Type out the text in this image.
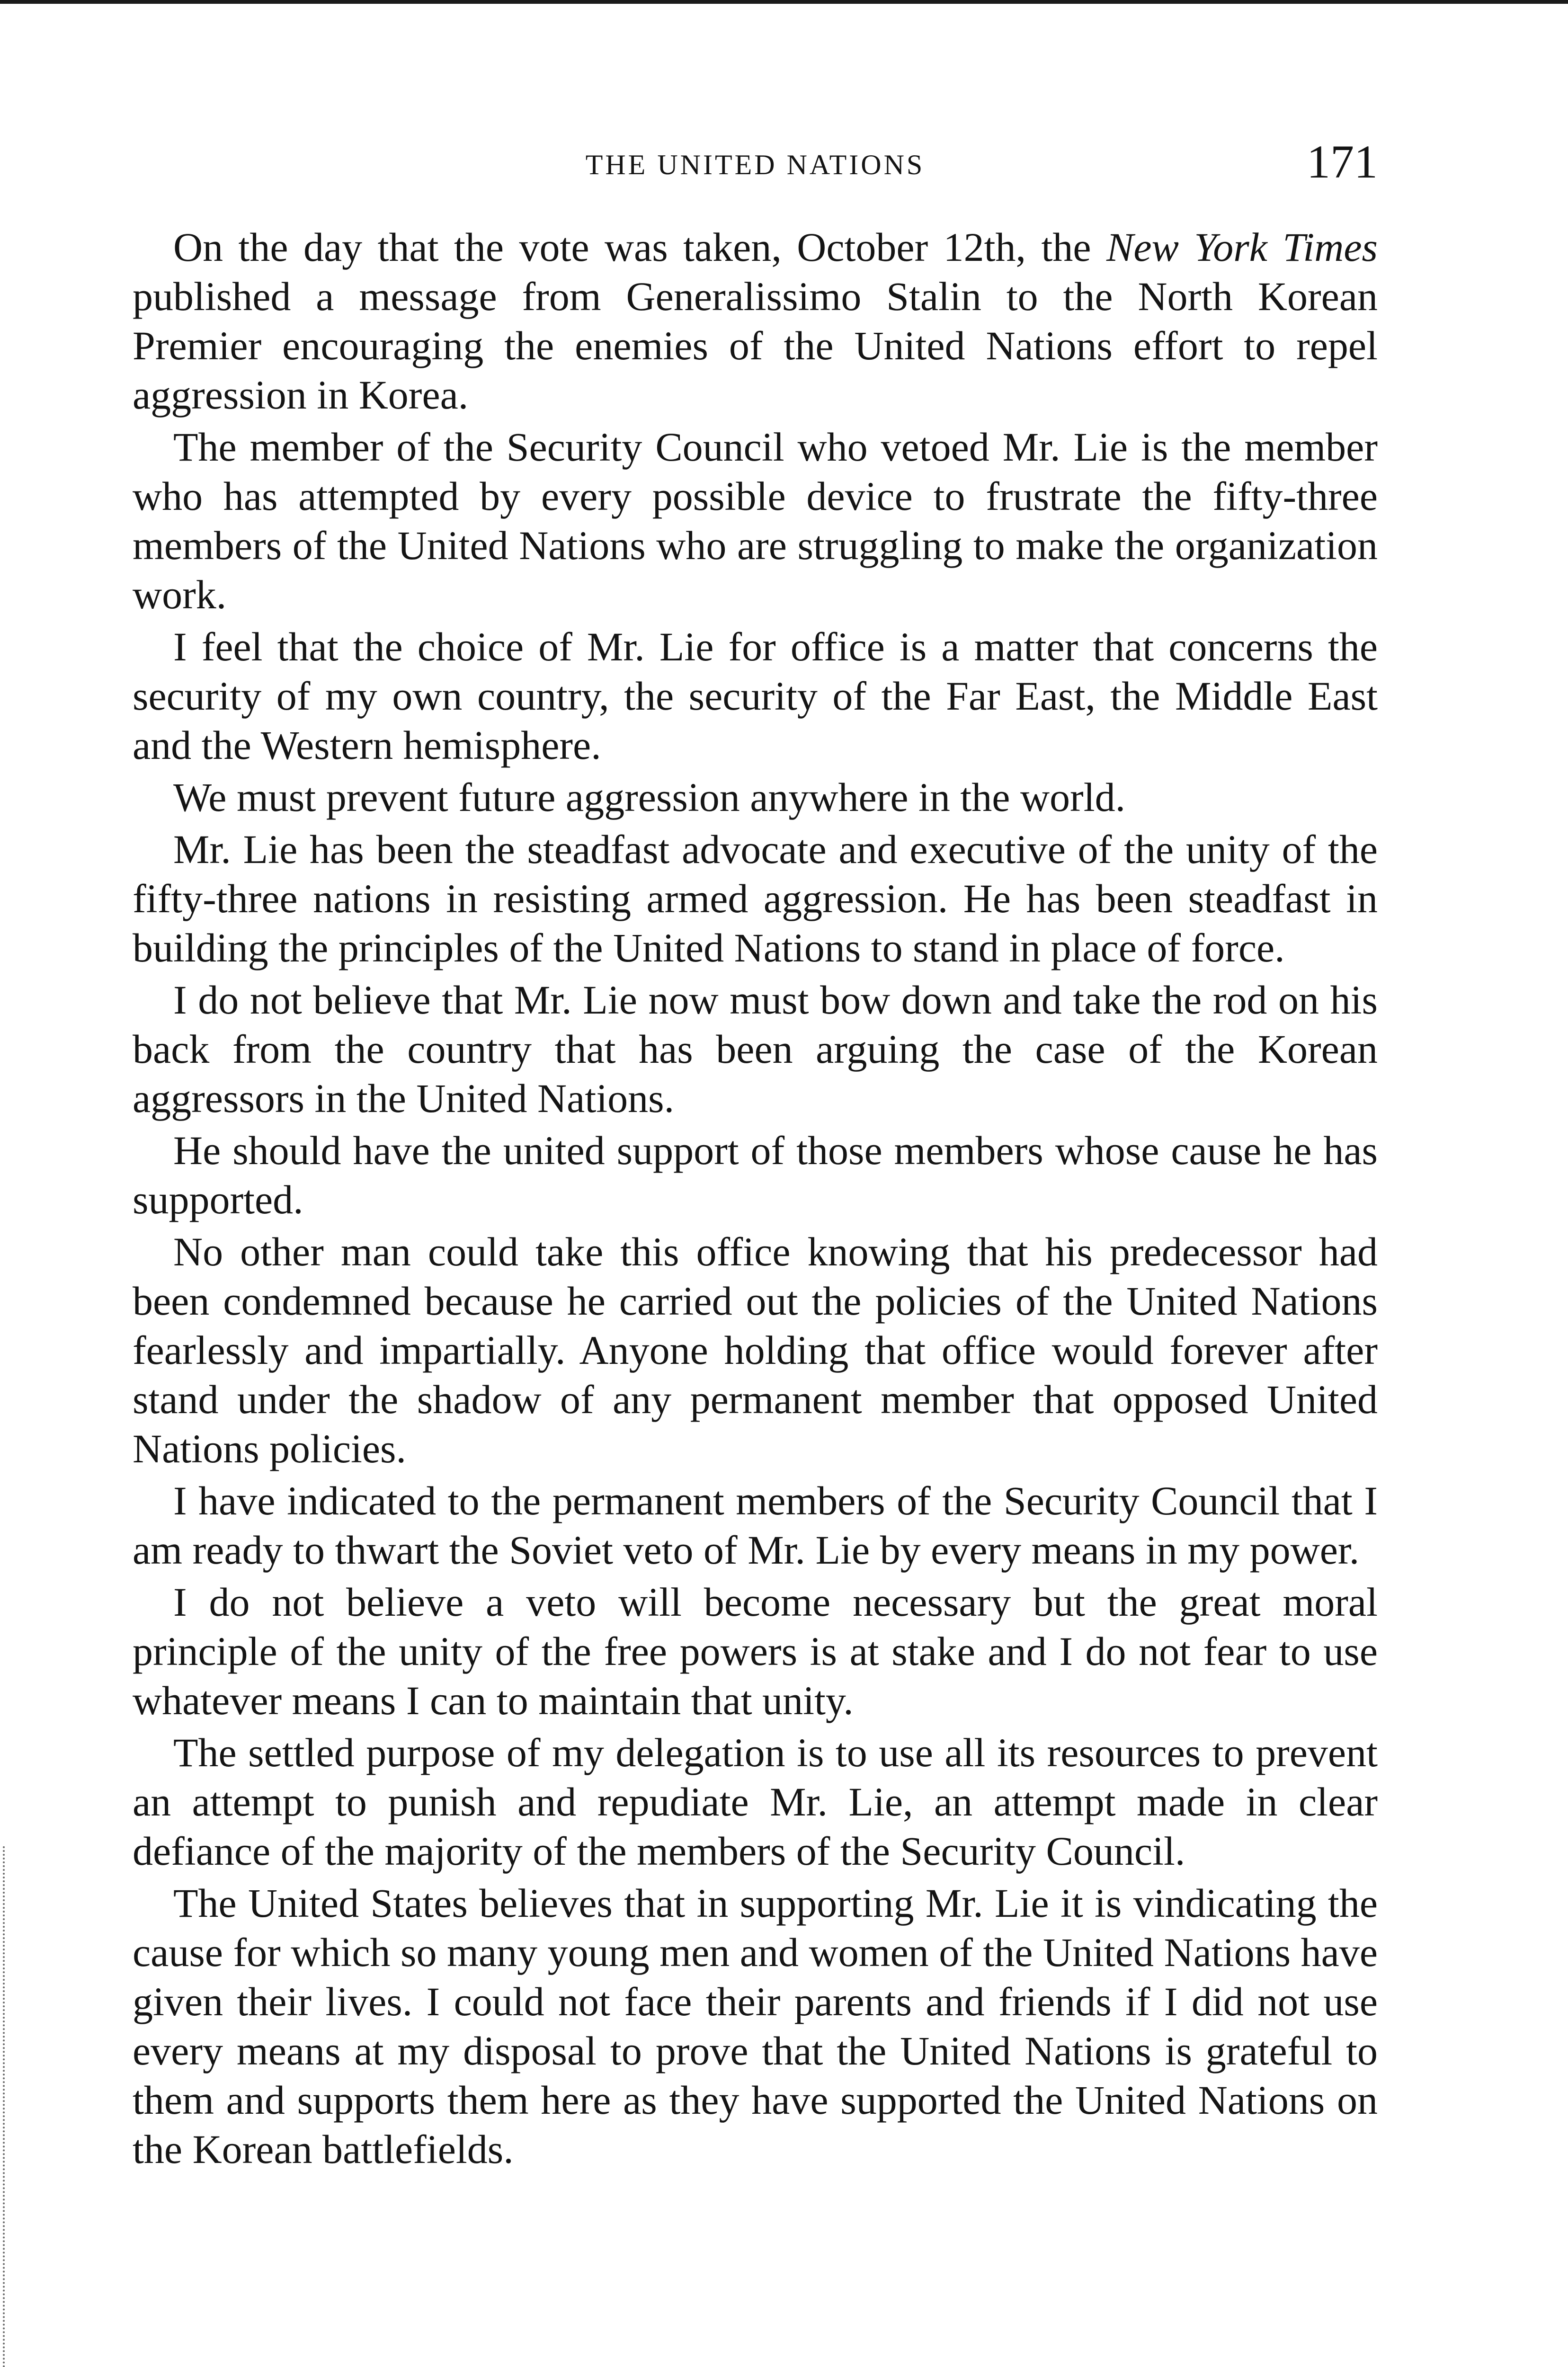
THE UNITED NATIONS	171

On the day that the vote was taken, October 12th, the New York Times published a message from Generalissimo Stalin to the North Korean Premier encouraging the enemies of the United Nations effort to repel aggression in Korea.

The member of the Security Council who vetoed Mr. Lie is the member who has attempted by every possible device to frustrate the fifty-three members of the United Nations who are struggling to make the organization work.

I feel that the choice of Mr. Lie for office is a matter that concerns the security of my own country, the security of the Far East, the Middle East and the Western hemisphere.

We must prevent future aggression anywhere in the world.

Mr. Lie has been the steadfast advocate and executive of the unity of the fifty-three nations in resisting armed aggression. He has been steadfast in building the principles of the United Nations to stand in place of force.

I do not believe that Mr. Lie now must bow down and take the rod on his back from the country that has been arguing the case of the Korean aggressors in the United Nations.

He should have the united support of those members whose cause he has supported.

No other man could take this office knowing that his predecessor had been condemned because he carried out the policies of the United Nations fearlessly and impartially. Anyone holding that office would forever after stand under the shadow of any permanent member that opposed United Nations policies.

I have indicated to the permanent members of the Security Council that I am ready to thwart the Soviet veto of Mr. Lie by every means in my power.

I do not believe a veto will become necessary but the great moral principle of the unity of the free powers is at stake and I do not fear to use whatever means I can to maintain that unity.

The settled purpose of my delegation is to use all its resources to prevent an attempt to punish and repudiate Mr. Lie, an attempt made in clear defiance of the majority of the members of the Security Council.

The United States believes that in supporting Mr. Lie it is vindicating the cause for which so many young men and women of the United Nations have given their lives. I could not face their parents and friends if I did not use every means at my disposal to prove that the United Nations is grateful to them and supports them here as they have supported the United Nations on the Korean battlefields.
